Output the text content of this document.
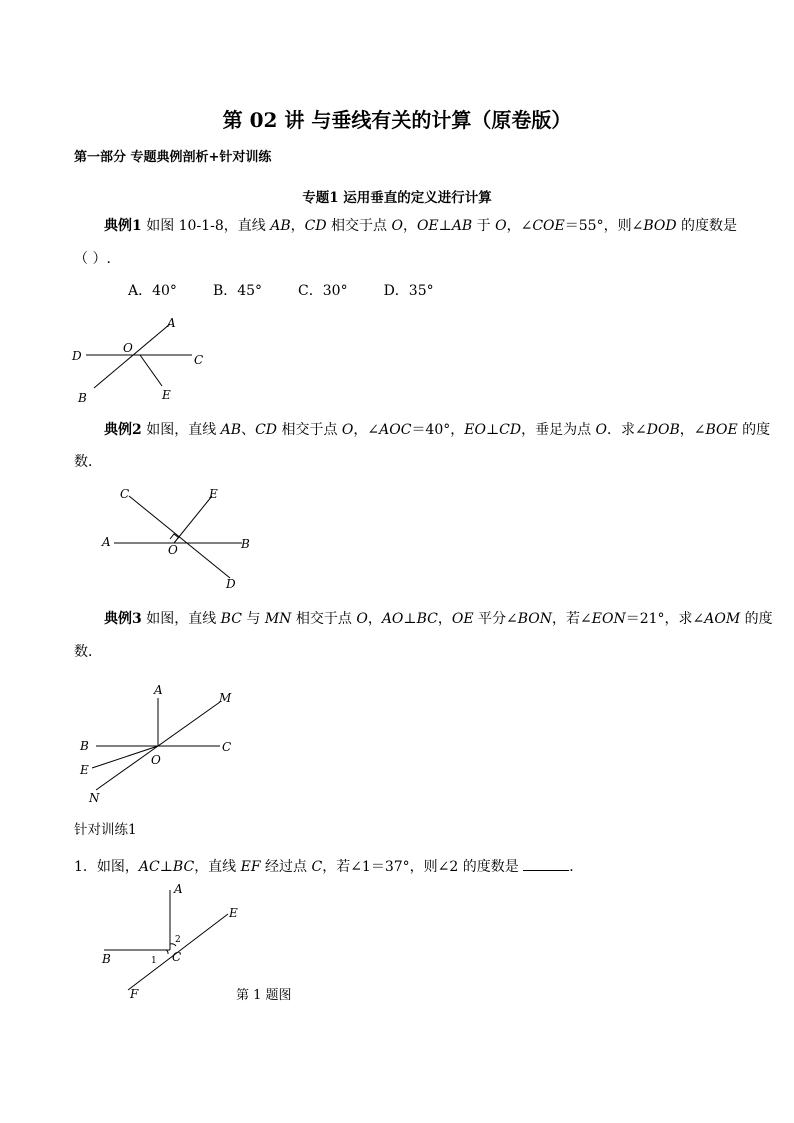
第 02 讲 与垂线有关的计算（原卷版）
第一部分 专题典例剖析+针对训练
专题1 运用垂直的定义进行计算
典例1 如图 10-1-8，直线 AB，CD 相交于点 O，OE⊥AB 于 O，∠COE＝55°，则∠BOD 的度数是
（ ）.
A．40°	B．45°	C．30°	D．35°
A
D
O
C
B	E
典例2 如图，直线 AB、CD 相交于点 O，∠AOC＝40°，EO⊥CD，垂足为点 O．求∠DOB，∠BOE 的度
数．
C	E
A
O	B
D
典例3 如图，直线 BC 与 MN 相交于点 O，AO⊥BC，OE 平分∠BON，若∠EON＝21°，求∠AOM 的度
数．
A
M
B	C
O
E
N
针对训练1
1．如图，AC⊥BC，直线 EF 经过点 C，若∠1＝37°，则∠2 的度数是	．
A
E
B	C
F
1
2
第 1 题图
